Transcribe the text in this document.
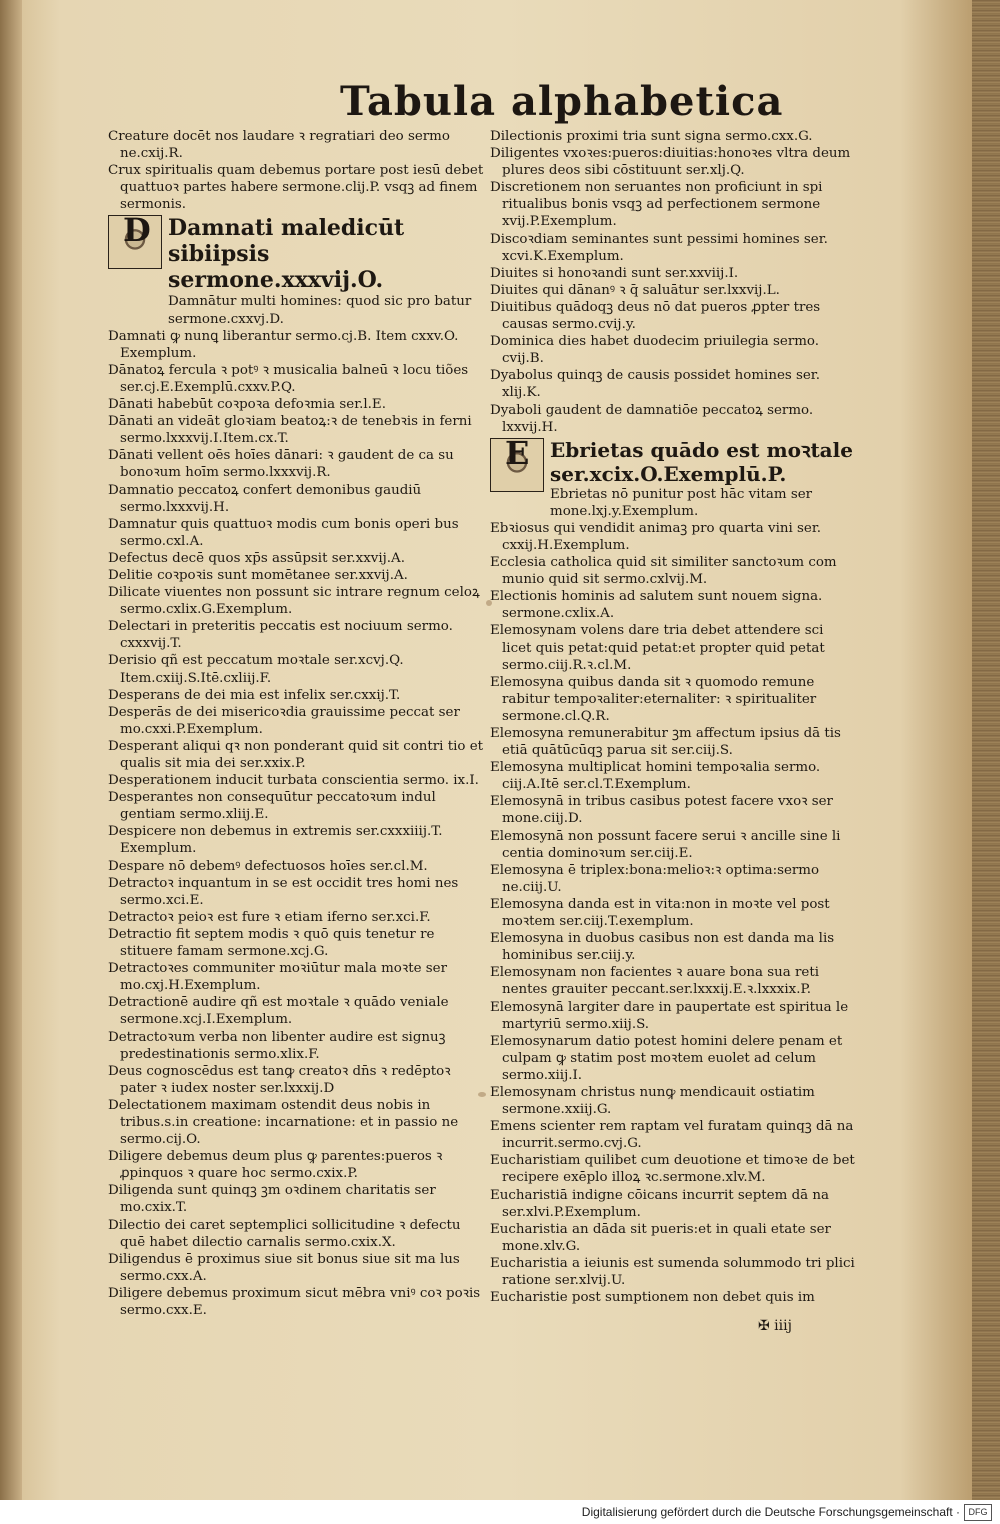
Tabula alphabetica

Creature docēt nos laudare ꝛ regratiari deo sermo ne.cxij.R.

Crux spiritualis quam debemus portare post iesū debet quattuoꝛ partes habere sermone.clij.P. vsqꝫ ad finem sermonis.

D Damnati maledicūt sibiipsis sermone.xxxvij.O.

Damnātur multi homines: quod sic pro batur sermone.cxxvj.D.

Damnati ꝙ nunꝗ liberantur sermo.cj.B. Item cxxv.O. Exemplum.

Dānatoꝝ fercula ꝛ potꝰ ꝛ musicalia balneū ꝛ locu tiões ser.cj.E.Exemplū.cxxv.P.Q.

Dānati habebūt coꝛpoꝛa defoꝛmia ser.l.E.

Dānati an videāt gloꝛiam beatoꝝ:ꝛ de tenebꝛis in ferni sermo.lxxxvij.I.Item.cx.T.

Dānati vellent oēs hoīes dānari: ꝛ gaudent de ca su bonoꝛum hoīm sermo.lxxxvij.R.

Damnatio peccatoꝝ confert demonibus gaudiū sermo.lxxxvij.H.

Damnatur quis quattuoꝛ modis cum bonis operi bus sermo.cxl.A.

Defectus decē quos xp̄s assūpsit ser.xxvij.A.

Delitie coꝛpoꝛis sunt momētanee ser.xxvij.A.

Dilicate viuentes non possunt sic intrare regnum celoꝝ sermo.cxlix.G.Exemplum.

Delectari in preteritis peccatis est nociuum sermo. cxxxvij.T.

Derisio qñ est peccatum moꝛtale ser.xcvj.Q. Item.cxiij.S.Itē.cxliij.F.

Desperans de dei mia est infelix ser.cxxij.T.

Desperās de dei misericoꝛdia grauissime peccat ser mo.cxxi.P.Exemplum.

Desperant aliqui qꝛ non ponderant quid sit contri tio et qualis sit mia dei ser.xxix.P.

Desperationem inducit turbata conscientia sermo. ix.I.

Desperantes non consequūtur peccatoꝛum indul gentiam sermo.xliij.E.

Despicere non debemus in extremis ser.cxxxiiij.T. Exemplum.

Despare nō debemꝰ defectuosos hoīes ser.cl.M.

Detractoꝛ inquantum in se est occidit tres homi nes sermo.xci.E.

Detractoꝛ peioꝛ est fure ꝛ etiam iferno ser.xci.F.

Detractio fit septem modis ꝛ quō quis tenetur re stituere famam sermone.xcj.G.

Detractoꝛes communiter moꝛiūtur mala moꝛte ser mo.cxj.H.Exemplum.

Detractionē audire qñ est moꝛtale ꝛ quādo veniale sermone.xcj.I.Exemplum.

Detractoꝛum verba non libenter audire est signuꝫ predestinationis sermo.xlix.F.

Deus cognoscēdus est tanꝙ creatoꝛ dn̄s ꝛ redēptoꝛ pater ꝛ iudex noster ser.lxxxij.D

Delectationem maximam ostendit deus nobis in tribus.s.in creatione: incarnatione: et in passio ne sermo.cij.O.

Diligere debemus deum plus ꝙ parentes:pueros ꝛ ꝓpinquos ꝛ quare hoc sermo.cxix.P.

Diligenda sunt quinqꝫ ꝫm oꝛdinem charitatis ser mo.cxix.T.

Dilectio dei caret septemplici sollicitudine ꝛ defectu quē habet dilectio carnalis sermo.cxix.X.

Diligendus ē proximus siue sit bonus siue sit ma lus sermo.cxx.A.

Diligere debemus proximum sicut mēbra vniꝰ coꝛ poꝛis sermo.cxx.E.

Dilectionis proximi tria sunt signa sermo.cxx.G.

Diligentes vxoꝛes:pueros:diuitias:honoꝛes vltra deum plures deos sibi cōstituunt ser.xlj.Q.

Discretionem non seruantes non proficiunt in spi ritualibus bonis vsqꝫ ad perfectionem sermone xvij.P.Exemplum.

Discoꝛdiam seminantes sunt pessimi homines ser. xcvi.K.Exemplum.

Diuites si honoꝛandi sunt ser.xxviij.I.

Diuites qui dānanꝰ ꝛ q̄ saluātur ser.lxxvij.L.

Diuitibus quādoqꝫ deus nō dat pueros ꝓpter tres causas sermo.cvij.y.

Dominica dies habet duodecim priuilegia sermo. cvij.B.

Dyabolus quinqꝫ de causis possidet homines ser. xlij.K.

Dyaboli gaudent de damnatiōe peccatoꝝ sermo. lxxvij.H.

E Ebrietas quādo est moꝛtale ser.xcix.O.Exemplū.P.

Ebrietas nō punitur post hāc vitam ser mone.lxj.y.Exemplum.

Ebꝛiosus qui vendidit animaꝫ pro quarta vini ser. cxxij.H.Exemplum.

Ecclesia catholica quid sit similiter sanctoꝛum com munio quid sit sermo.cxlvij.M.

Electionis hominis ad salutem sunt nouem signa. sermone.cxlix.A.

Elemosynam volens dare tria debet attendere sci licet quis petat:quid petat:et propter quid petat sermo.ciij.R.ꝛ.cl.M.

Elemosyna quibus danda sit ꝛ quomodo remune rabitur tempoꝛaliter:eternaliter: ꝛ spiritualiter sermone.cl.Q.R.

Elemosyna remunerabitur ꝫm affectum ipsius dā tis etiā quātūcūqꝫ parua sit ser.ciij.S.

Elemosyna multiplicat homini tempoꝛalia sermo. ciij.A.Itē ser.cl.T.Exemplum.

Elemosynā in tribus casibus potest facere vxoꝛ ser mone.ciij.D.

Elemosynā non possunt facere serui ꝛ ancille sine li centia dominoꝛum ser.ciij.E.

Elemosyna ē triplex:bona:melioꝛ:ꝛ optima:sermo ne.ciij.U.

Elemosyna danda est in vita:non in moꝛte vel post moꝛtem ser.ciij.T.exemplum.

Elemosyna in duobus casibus non est danda ma lis hominibus ser.ciij.y.

Elemosynam non facientes ꝛ auare bona sua reti nentes grauiter peccant.ser.lxxxij.E.ꝛ.lxxxix.P.

Elemosynā largiter dare in paupertate est spiritua le martyriū sermo.xiij.S.

Elemosynarum datio potest homini delere penam et culpam ꝙ statim post moꝛtem euolet ad celum sermo.xiij.I.

Elemosynam christus nunꝙ mendicauit ostiatim sermone.xxiij.G.

Emens scienter rem raptam vel furatam quinqꝫ dā na incurrit.sermo.cvj.G.

Eucharistiam quilibet cum deuotione et timoꝛe de bet recipere exēplo illoꝝ ꝛc.sermone.xlv.M.

Eucharistiā indigne cōicans incurrit septem dā na ser.xlvi.P.Exemplum.

Eucharistia an dāda sit pueris:et in quali etate ser mone.xlv.G.

Eucharistia a ieiunis est sumenda solummodo tri plici ratione ser.xlvij.U.

Eucharistie post sumptionem non debet quis im

✠ iiij
Digitalisierung gefördert durch die Deutsche Forschungsgemeinschaft · DFG
